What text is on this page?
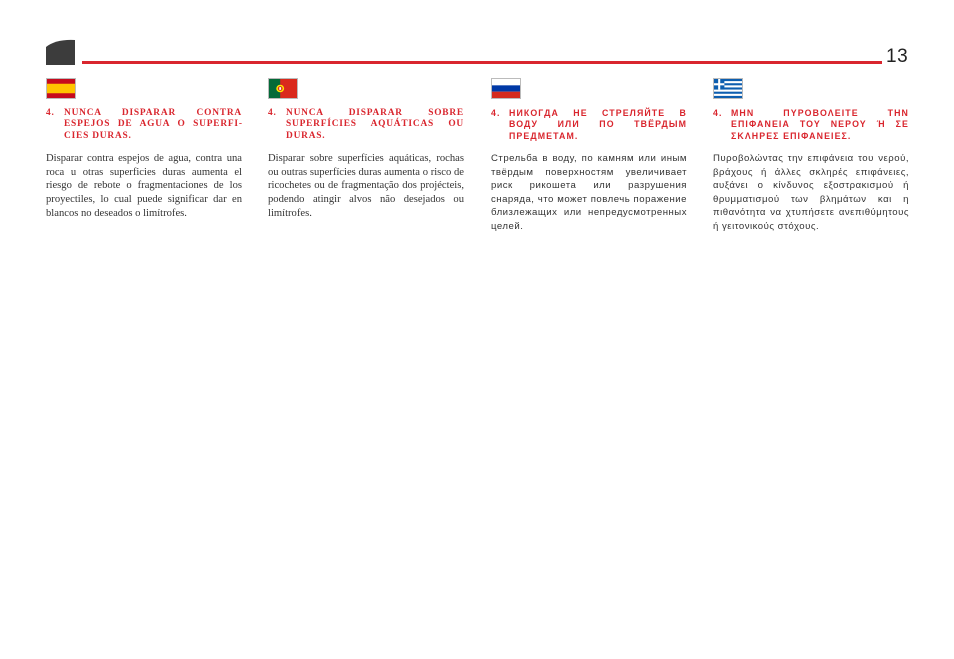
13
4. NUNCA DISPARAR CONTRA ESPEJOS DE AGUA O SUPERFICIES DURAS.
Disparar contra espejos de agua, contra una roca u otras superficies duras aumenta el riesgo de rebote o fragmentaciones de los proyectiles, lo cual puede significar dar en blancos no deseados o limítrofes.
4. NUNCA DISPARAR SOBRE SUPERFÍCIES AQUÁTICAS OU DURAS.
Disparar sobre superfícies aquáticas, rochas ou outras superfícies duras aumenta o risco de ricochetes ou de fragmentação dos projécteis, podendo atingir alvos não desejados ou limítrofes.
4. НИКОГДА НЕ СТРЕЛЯЙТЕ В ВОДУ ИЛИ ПО ТВЁРДЫМ ПРЕДМЕТАМ.
Стрельба в воду, по камням или иным твёрдым поверхностям увеличивает риск рикошета или разрушения снаряда, что может повлечь поражение близлежащих или непредусмотренных целей.
4. ΜΗΝ ΠΥΡΟΒΟΛΕΙΤΕ ΤΗΝ ΕΠΙΦΑΝΕΙΑ ΤΟΥ ΝΕΡΟΥ Ή ΣΕ ΣΚΛΗΡΕΣ ΕΠΙΦΑΝΕΙΕΣ.
Πυροβολώντας την επιφάνεια του νερού, βράχους ή άλλες σκληρές επιφάνειες, αυξάνει ο κίνδυνος εξοστρακισμού ή θρυμματισμού των βλημάτων και η πιθανότητα να χτυπήσετε ανεπιθύμητους ή γειτονικούς στόχους.
